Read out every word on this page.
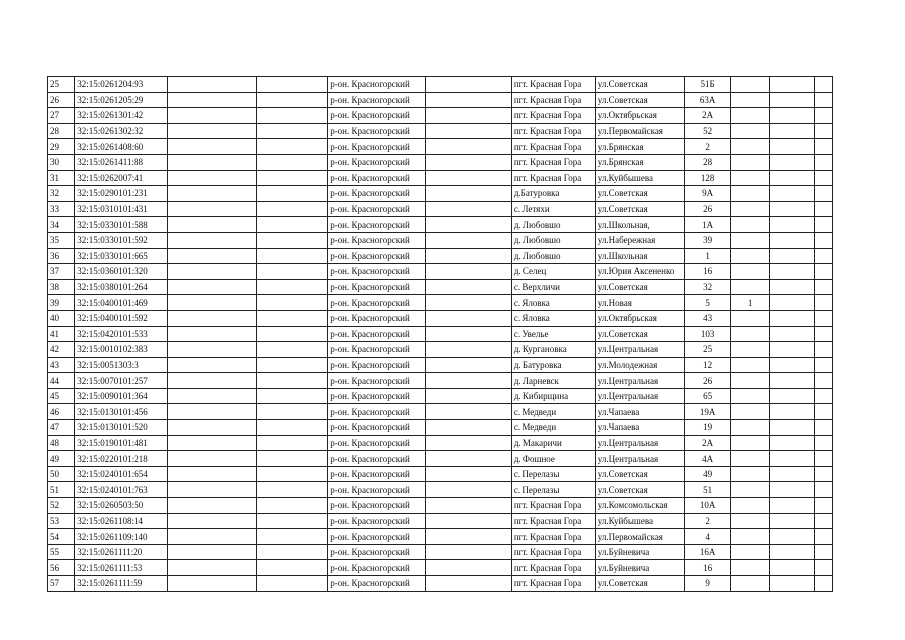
25	32:15:0261204:93			р-он. Красногорский		пгт. Красная Гора	ул.Советская	51Б			
26	32:15:0261205:29			р-он. Красногорский		пгт. Красная Гора	ул.Советская	63А			
27	32:15:0261301:42			р-он. Красногорский		пгт. Красная Гора	ул.Октябрьская	2А			
28	32:15:0261302:32			р-он. Красногорский		пгт. Красная Гора	ул.Первомайская	52			
29	32:15:0261408:60			р-он. Красногорский		пгт. Красная Гора	ул.Брянская	2			
30	32:15:0261411:88			р-он. Красногорский		пгт. Красная Гора	ул.Брянская	28			
31	32:15:0262007:41			р-он. Красногорский		пгт. Красная Гора	ул.Куйбышева	128			
32	32:15:0290101:231			р-он. Красногорский		д.Батуровка	ул.Советская	9А			
33	32:15:0310101:431			р-он. Красногорский		с. Летяхи	ул.Советская	26			
34	32:15:0330101:588			р-он. Красногорский		д. Любовшо	ул.Школьная,	1А			
35	32:15:0330101:592			р-он. Красногорский		д. Любовшо	ул.Набережная	39			
36	32:15:0330101:665			р-он. Красногорский		д. Любовшо	ул.Школьная	1			
37	32:15:0360101:320			р-он. Красногорский		д. Селец	ул.Юрия Аксененко	16			
38	32:15:0380101:264			р-он. Красногорский		с. Верхличи	ул.Советская	32			
39	32:15:0400101:469			р-он. Красногорский		с. Яловка	ул.Новая	5	1		
40	32:15:0400101:592			р-он. Красногорский		с. Яловка	ул.Октябрьская	43			
41	32:15:0420101:533			р-он. Красногорский		с. Увелье	ул.Советская	103			
42	32:15:0010102:383			р-он. Красногорский		д. Кургановка	ул.Центральная	25			
43	32:15:0051303:3			р-он. Красногорский		д. Батуровка	ул.Молодежная	12			
44	32:15:0070101:257			р-он. Красногорский		д. Ларневск	ул.Центральная	26			
45	32:15:0090101:364			р-он. Красногорский		д. Кибирщина	ул.Центральная	65			
46	32:15:0130101:456			р-он. Красногорский		с. Медведи	ул.Чапаева	19А			
47	32:15:0130101:520			р-он. Красногорский		с. Медведи	ул.Чапаева	19			
48	32:15:0190101:481			р-он. Красногорский		д. Макаричи	ул.Центральная	2А			
49	32:15:0220101:218			р-он. Красногорский		д. Фошное	ул.Центральная	4А			
50	32:15:0240101:654			р-он. Красногорский		с. Перелазы	ул.Советская	49			
51	32:15:0240101:763			р-он. Красногорский		с. Перелазы	ул.Советская	51			
52	32:15:0260503:50			р-он. Красногорский		пгт. Красная Гора	ул.Комсомольская	10А			
53	32:15:0261108:14			р-он. Красногорский		пгт. Красная Гора	ул.Куйбышева	2			
54	32:15:0261109:140			р-он. Красногорский		пгт. Красная Гора	ул.Первомайская	4			
55	32:15:0261111:20			р-он. Красногорский		пгт. Красная Гора	ул.Буйневича	16А			
56	32:15:0261111:53			р-он. Красногорский		пгт. Красная Гора	ул.Буйневича	16			
57	32:15:0261111:59			р-он. Красногорский		пгт. Красная Гора	ул.Советская	9			
